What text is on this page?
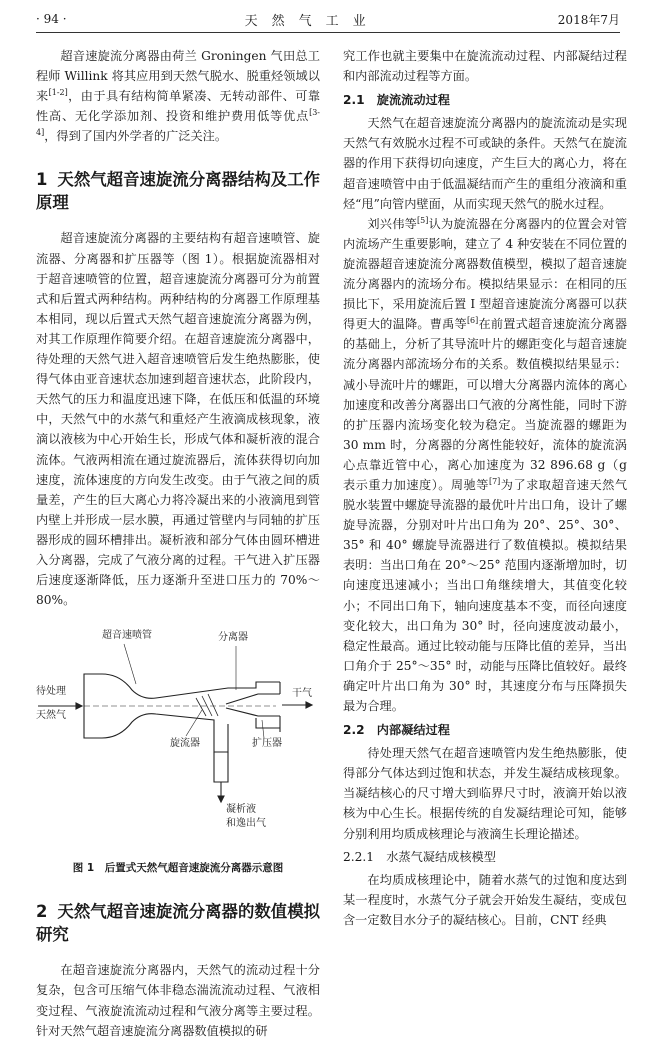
· 94 ·	天然气工业	2018年7月

超音速旋流分离器由荷兰 Groningen 气田总工程师 Willink 将其应用到天然气脱水、脱重烃领域以来[1-2]，由于具有结构简单紧凑、无转动部件、可靠性高、无化学添加剂、投资和维护费用低等优点[3-4]，得到了国内外学者的广泛关注。

1 天然气超音速旋流分离器结构及工作原理

超音速旋流分离器的主要结构有超音速喷管、旋流器、分离器和扩压器等（图 1）。根据旋流器相对于超音速喷管的位置，超音速旋流分离器可分为前置式和后置式两种结构。两种结构的分离器工作原理基本相同，现以后置式天然气超音速旋流分离器为例，对其工作原理作简要介绍。在超音速旋流分离器中，待处理的天然气进入超音速喷管后发生绝热膨胀，使得气体由亚音速状态加速到超音速状态，此阶段内，天然气的压力和温度迅速下降，在低压和低温的环境中，天然气中的水蒸气和重烃产生液滴成核现象，液滴以液核为中心开始生长，形成气体和凝析液的混合流体。气液两相流在通过旋流器后，流体获得切向加速度，流体速度的方向发生改变。由于气液之间的质量差，产生的巨大离心力将冷凝出来的小液滴甩到管内壁上并形成一层水膜，再通过管壁内与同轴的扩压器形成的圆环槽排出。凝析液和部分气体由圆环槽进入分离器，完成了气液分离的过程。干气进入扩压器后速度逐渐降低，压力逐渐升至进口压力的 70%～80%。

待处理
天然气
超音速喷管	分离器
干气
旋流器	扩压器
凝析液
和逸出气
图 1　后置式天然气超音速旋流分离器示意图
2 天然气超音速旋流分离器的数值模拟研究

在超音速旋流分离器内，天然气的流动过程十分复杂，包含可压缩气体非稳态湍流流动过程、气液相变过程、气液旋流流动过程和气液分离等主要过程。针对天然气超音速旋流分离器数值模拟的研

究工作也就主要集中在旋流流动过程、内部凝结过程和内部流动过程等方面。

2.1　旋流流动过程

天然气在超音速旋流分离器内的旋流流动是实现天然气有效脱水过程不可或缺的条件。天然气在旋流器的作用下获得切向速度，产生巨大的离心力，将在超音速喷管中由于低温凝结而产生的重组分液滴和重烃“甩”向管内壁面，从而实现天然气的脱水过程。

刘兴伟等[5]认为旋流器在分离器内的位置会对管内流场产生重要影响，建立了 4 种安装在不同位置的旋流器超音速旋流分离器数值模型，模拟了超音速旋流分离器内的流场分布。模拟结果显示：在相同的压损比下，采用旋流后置 I 型超音速旋流分离器可以获得更大的温降。曹禹等[6]在前置式超音速旋流分离器的基础上，分析了其导流叶片的螺距变化与超音速旋流分离器内部流场分布的关系。数值模拟结果显示：减小导流叶片的螺距，可以增大分离器内流体的离心加速度和改善分离器出口气液的分离性能，同时下游的扩压器内流场变化较为稳定。当旋流器的螺距为 30 mm 时，分离器的分离性能较好，流体的旋流涡心点靠近管中心，离心加速度为 32 896.68 g（g 表示重力加速度）。周驰等[7]为了求取超音速天然气脱水装置中螺旋导流器的最优叶片出口角，设计了螺旋导流器，分别对叶片出口角为 20°、25°、30°、35° 和 40° 螺旋导流器进行了数值模拟。模拟结果表明：当出口角在 20°～25° 范围内逐渐增加时，切向速度迅速减小；当出口角继续增大，其值变化较小；不同出口角下，轴向速度基本不变，而径向速度变化较大，出口角为 30° 时，径向速度波动最小，稳定性最高。通过比较动能与压降比值的差异，当出口角介于 25°～35° 时，动能与压降比值较好。最终确定叶片出口角为 30° 时，其速度分布与压降损失最为合理。

2.2　内部凝结过程

待处理天然气在超音速喷管内发生绝热膨胀，使得部分气体达到过饱和状态，并发生凝结成核现象。当凝结核心的尺寸增大到临界尺寸时，液滴开始以液核为中心生长。根据传统的自发凝结理论可知，能够分别利用均质成核理论与液滴生长理论描述。

2.2.1　水蒸气凝结成核模型

在均质成核理论中，随着水蒸气的过饱和度达到某一程度时，水蒸气分子就会开始发生凝结，变成包含一定数目水分子的凝结核心。目前，CNT 经典
